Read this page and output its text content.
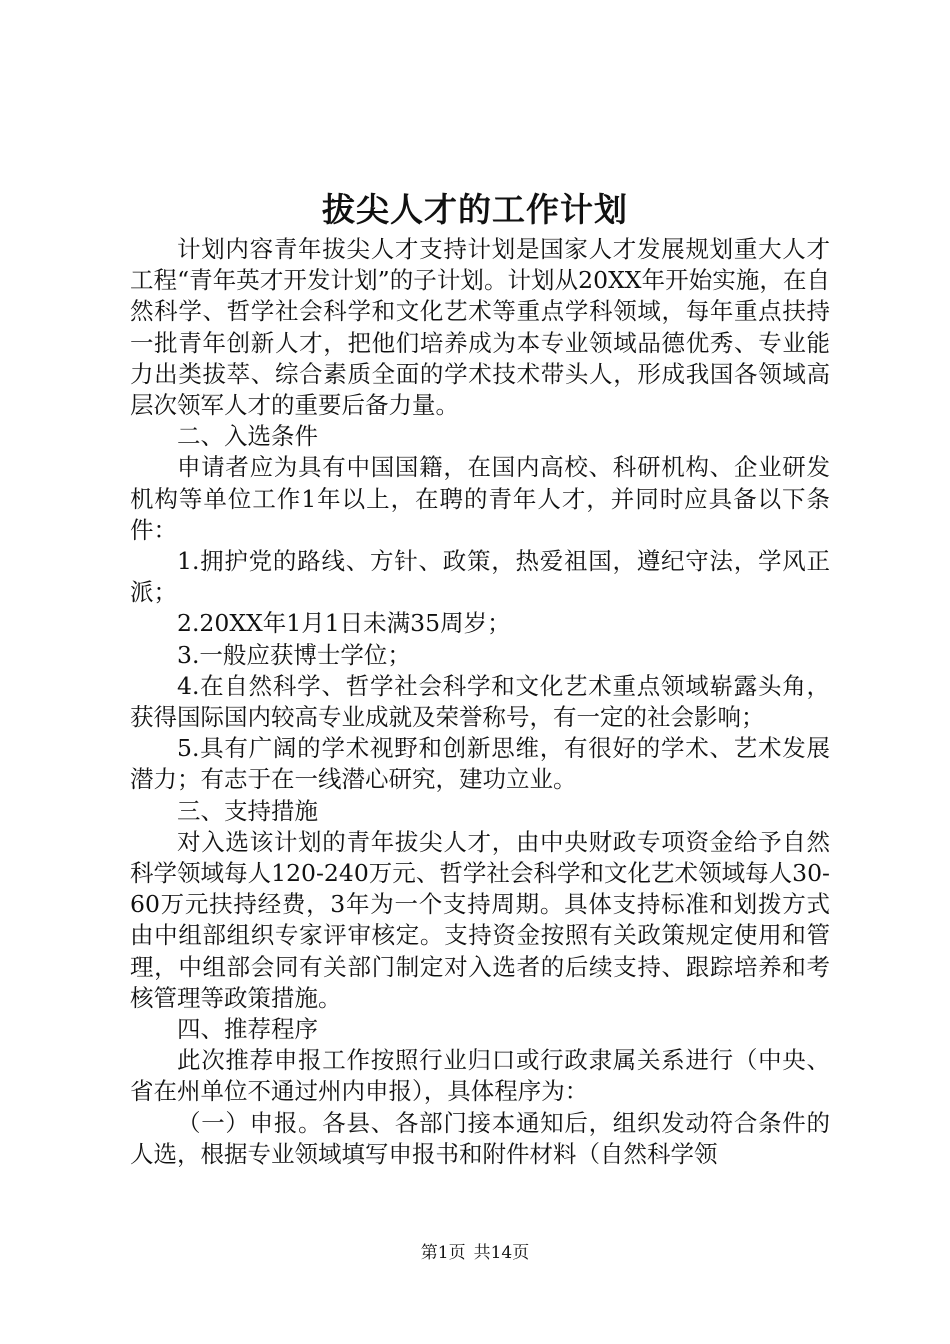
拔尖人才的工作计划

计划内容青年拔尖人才支持计划是国家人才发展规划重大人才工程“青年英才开发计划”的子计划。计划从20XX年开始实施，在自然科学、哲学社会科学和文化艺术等重点学科领域，每年重点扶持一批青年创新人才，把他们培养成为本专业领域品德优秀、专业能力出类拔萃、综合素质全面的学术技术带头人，形成我国各领域高层次领军人才的重要后备力量。

二、入选条件

申请者应为具有中国国籍，在国内高校、科研机构、企业研发机构等单位工作1年以上，在聘的青年人才，并同时应具备以下条件：

1.拥护党的路线、方针、政策，热爱祖国，遵纪守法，学风正派；

2.20XX年1月1日未满35周岁；

3.一般应获博士学位；

4.在自然科学、哲学社会科学和文化艺术重点领域崭露头角，获得国际国内较高专业成就及荣誉称号，有一定的社会影响；

5.具有广阔的学术视野和创新思维，有很好的学术、艺术发展潜力；有志于在一线潜心研究，建功立业。

三、支持措施

对入选该计划的青年拔尖人才，由中央财政专项资金给予自然科学领域每人120-240万元、哲学社会科学和文化艺术领域每人30-60万元扶持经费，3年为一个支持周期。具体支持标准和划拨方式由中组部组织专家评审核定。支持资金按照有关政策规定使用和管理，中组部会同有关部门制定对入选者的后续支持、跟踪培养和考核管理等政策措施。

四、推荐程序

此次推荐申报工作按照行业归口或行政隶属关系进行（中央、省在州单位不通过州内申报），具体程序为：

（一）申报。各县、各部门接本通知后，组织发动符合条件的人选，根据专业领域填写申报书和附件材料（自然科学领

第1页 共14页
